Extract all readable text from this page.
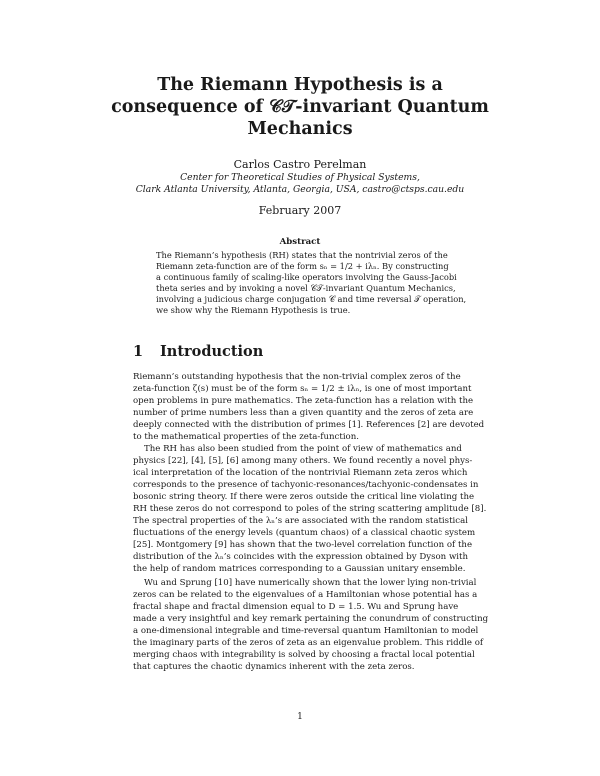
The Riemann Hypothesis is a
consequence of 𝒞𝒯-invariant Quantum
Mechanics
Carlos Castro Perelman
Center for Theoretical Studies of Physical Systems,
Clark Atlanta University, Atlanta, Georgia, USA, castro@ctsps.cau.edu
February 2007
Abstract
The Riemann’s hypothesis (RH) states that the nontrivial zeros of the
Riemann zeta-function are of the form sₙ = 1/2 + iλₙ. By constructing
a continuous family of scaling-like operators involving the Gauss-Jacobi
theta series and by invoking a novel 𝒞𝒯-invariant Quantum Mechanics,
involving a judicious charge conjugation 𝒞 and time reversal 𝒯 operation,
we show why the Riemann Hypothesis is true.
1 Introduction
Riemann’s outstanding hypothesis that the non-trivial complex zeros of the
zeta-function ζ(s) must be of the form sₙ = 1/2 ± iλₙ, is one of most important
open problems in pure mathematics. The zeta-function has a relation with the
number of prime numbers less than a given quantity and the zeros of zeta are
deeply connected with the distribution of primes [1]. References [2] are devoted
to the mathematical properties of the zeta-function.
The RH has also been studied from the point of view of mathematics and
physics [22], [4], [5], [6] among many others. We found recently a novel phys-
ical interpretation of the location of the nontrivial Riemann zeta zeros which
corresponds to the presence of tachyonic-resonances/tachyonic-condensates in
bosonic string theory. If there were zeros outside the critical line violating the
RH these zeros do not correspond to poles of the string scattering amplitude [8].
The spectral properties of the λₙ’s are associated with the random statistical
fluctuations of the energy levels (quantum chaos) of a classical chaotic system
[25]. Montgomery [9] has shown that the two-level correlation function of the
distribution of the λₙ’s coincides with the expression obtained by Dyson with
the help of random matrices corresponding to a Gaussian unitary ensemble.
Wu and Sprung [10] have numerically shown that the lower lying non-trivial
zeros can be related to the eigenvalues of a Hamiltonian whose potential has a
fractal shape and fractal dimension equal to D = 1.5. Wu and Sprung have
made a very insightful and key remark pertaining the conundrum of constructing
a one-dimensional integrable and time-reversal quantum Hamiltonian to model
the imaginary parts of the zeros of zeta as an eigenvalue problem. This riddle of
merging chaos with integrability is solved by choosing a fractal local potential
that captures the chaotic dynamics inherent with the zeta zeros.
1
